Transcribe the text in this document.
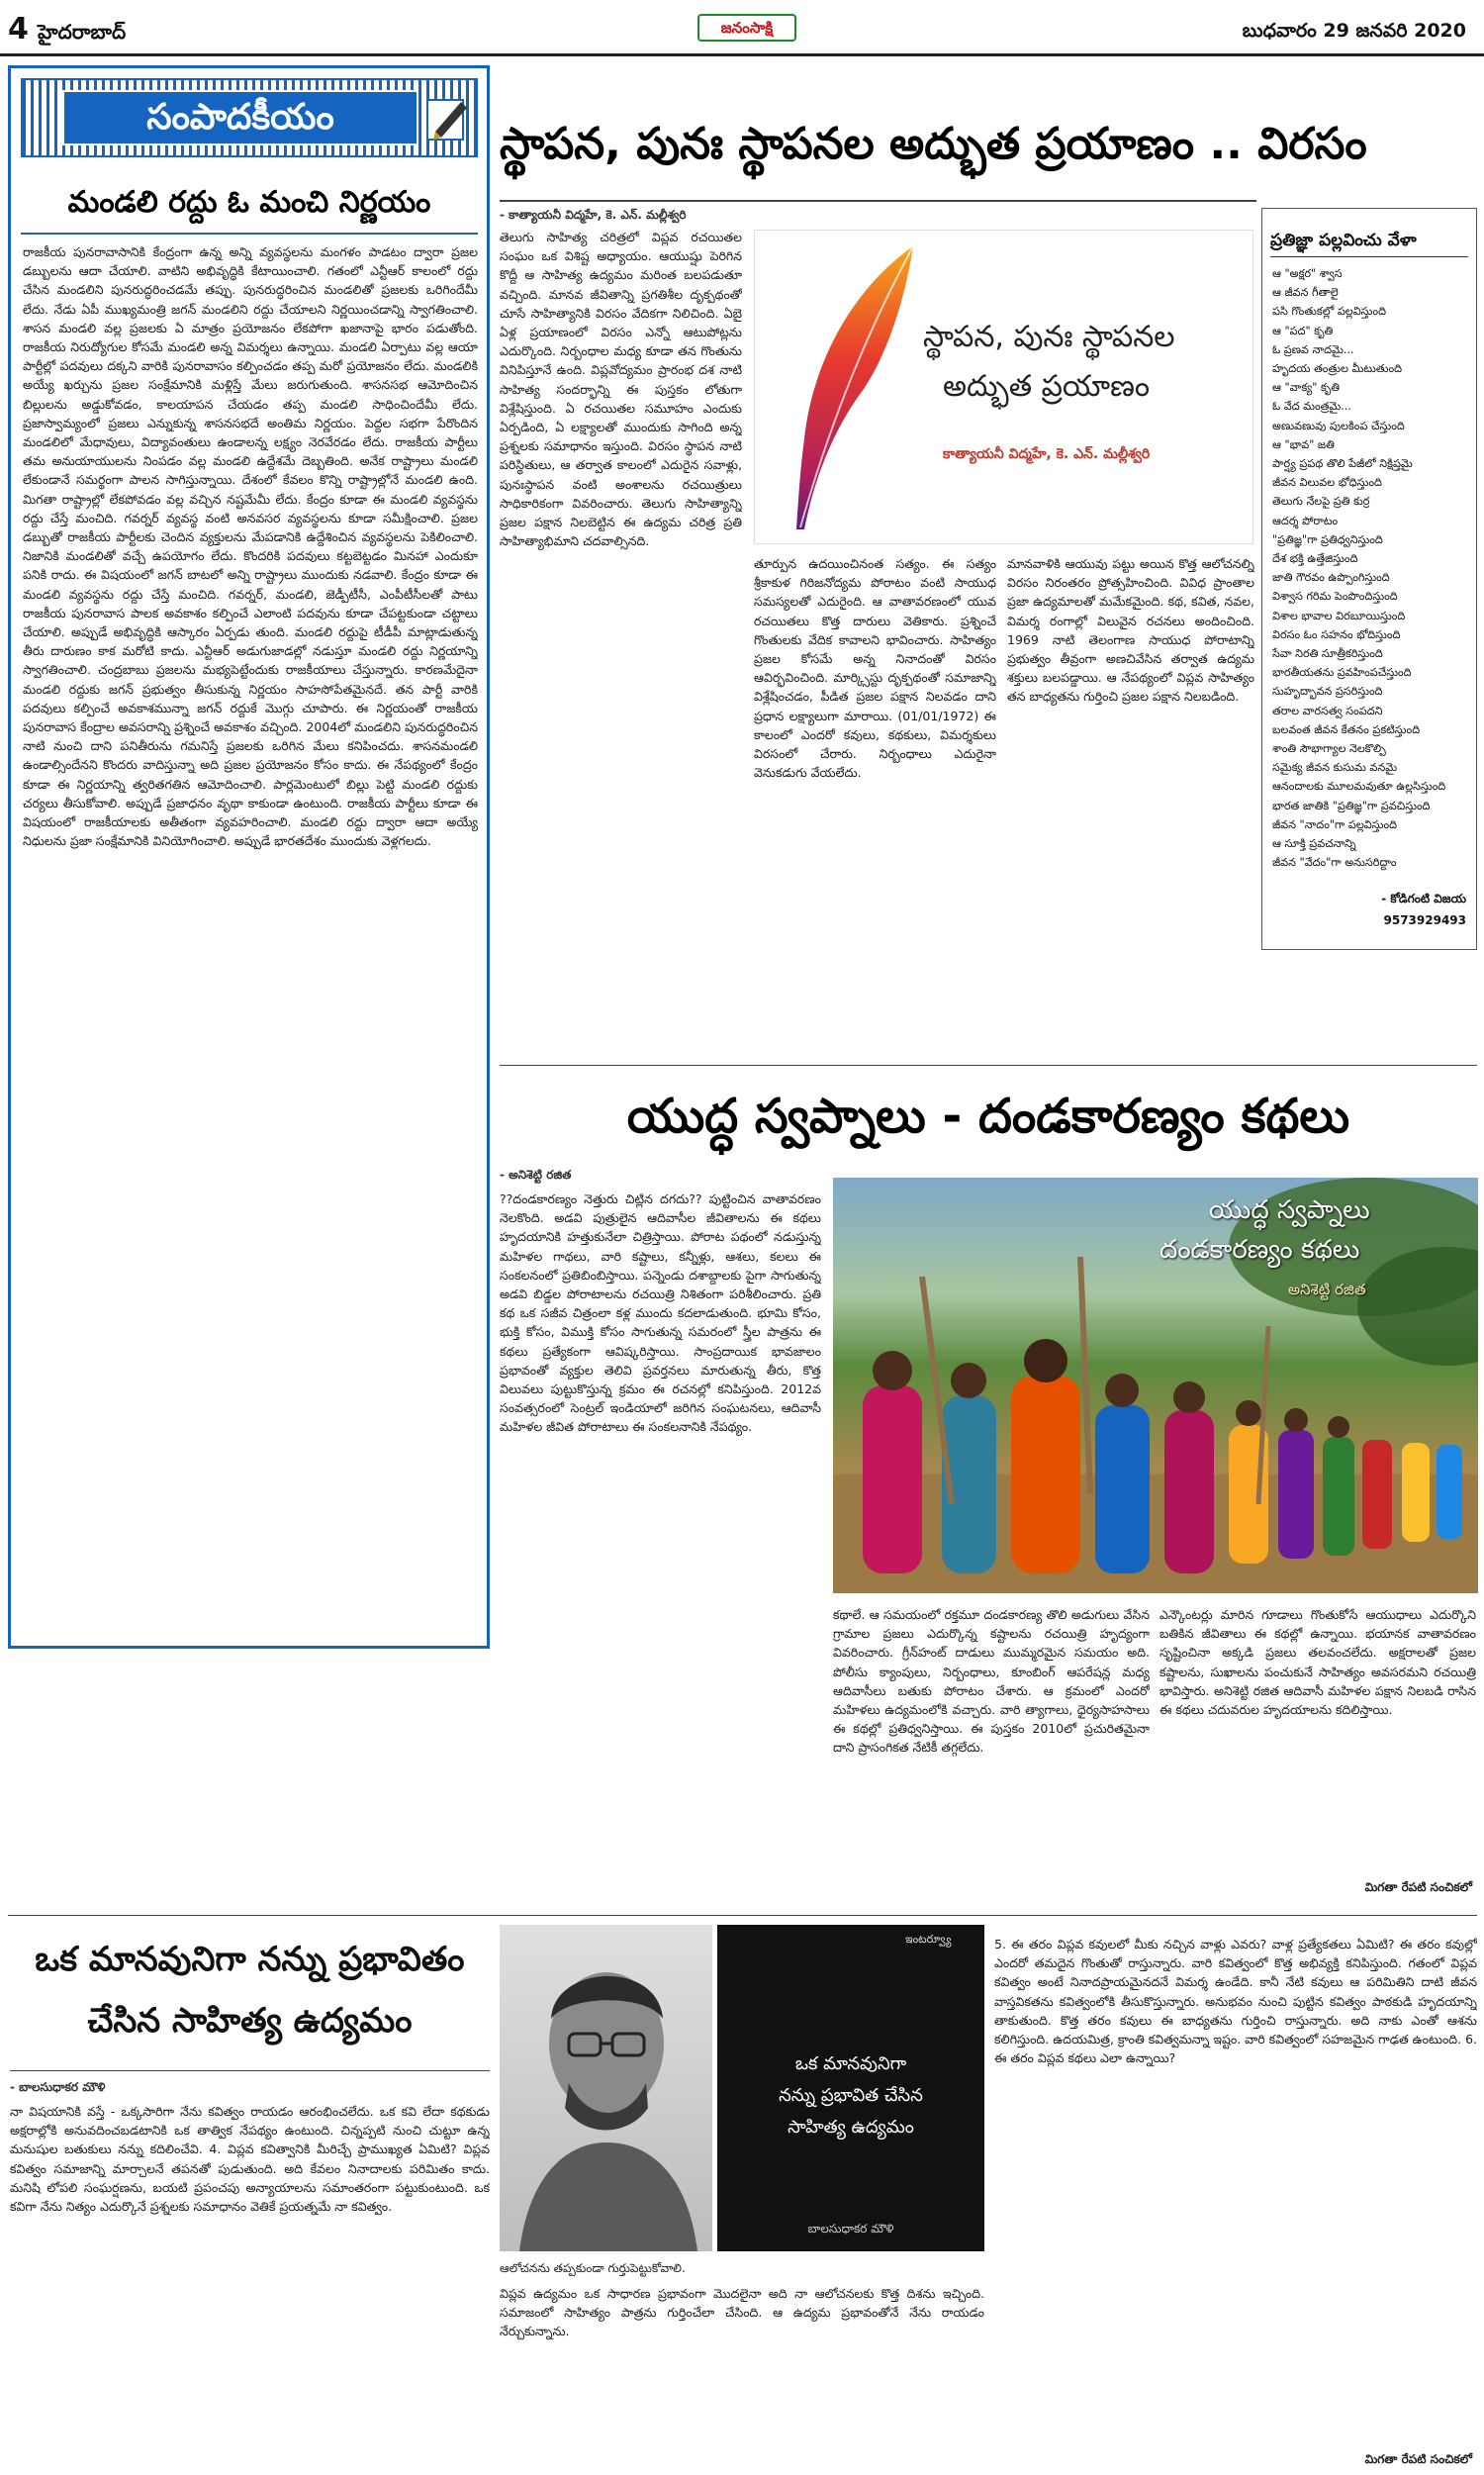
4 హైదరాబాద్	జనంసాక్షి	బుధవారం 29 జనవరి 2020
సంపాదకీయం
మండలి రద్దు ఓ మంచి నిర్ణయం
రాజకీయ పునరావాసానికి కేంద్రంగా ఉన్న అన్ని వ్యవస్థలను మంగళం పాడటం ద్వారా ప్రజల డబ్బులను ఆదా చేయాలి. వాటిని అభివృద్ధికి కేటాయించాలి. గతంలో ఎన్టీఆర్‌ కాలంలో రద్దు చేసిన మండలిని పునరుద్ధరించడమే తప్పు. పునరుద్ధరించిన మండలితో ప్రజలకు ఒరిగిందేమీ లేదు. నేడు ఏపీ ముఖ్యమంత్రి జగన్‌ మండలిని రద్దు చేయాలని నిర్ణయించడాన్ని స్వాగతించాలి. శాసన మండలి వల్ల ప్రజలకు ఏ మాత్రం ప్రయోజనం లేకపోగా ఖజానాపై భారం పడుతోంది. రాజకీయ నిరుద్యోగుల కోసమే మండలి అన్న విమర్శలు ఉన్నాయి. మండలి ఏర్పాటు వల్ల ఆయా పార్టీల్లో పదవులు దక్కని వారికి పునరావాసం కల్పించడం తప్ప మరో ప్రయోజనం లేదు. మండలికి అయ్యే ఖర్చును ప్రజల సంక్షేమానికి మళ్లిస్తే మేలు జరుగుతుంది. శాసనసభ ఆమోదించిన బిల్లులను అడ్డుకోవడం, కాలయాపన చేయడం తప్ప మండలి సాధించిందేమీ లేదు. ప్రజాస్వామ్యంలో ప్రజలు ఎన్నుకున్న శాసనసభదే అంతిమ నిర్ణయం. పెద్దల సభగా పేరొందిన మండలిలో మేధావులు, విద్యావంతులు ఉండాలన్న లక్ష్యం నెరవేరడం లేదు. రాజకీయ పార్టీలు తమ అనుయాయులను నింపడం వల్ల మండలి ఉద్దేశమే దెబ్బతింది. అనేక రాష్ట్రాలు మండలి లేకుండానే సమర్థంగా పాలన సాగిస్తున్నాయి. దేశంలో కేవలం కొన్ని రాష్ట్రాల్లోనే మండలి ఉంది. మిగతా రాష్ట్రాల్లో లేకపోవడం వల్ల వచ్చిన నష్టమేమీ లేదు. కేంద్రం కూడా ఈ మండలి వ్యవస్థను రద్దు చేస్తే మంచిది. గవర్నర్‌ వ్యవస్థ వంటి అనవసర వ్యవస్థలను కూడా సమీక్షించాలి. ప్రజల డబ్బుతో రాజకీయ పార్టీలకు చెందిన వ్యక్తులను మేపడానికి ఉద్దేశించిన వ్యవస్థలను పెకిలించాలి. నిజానికి మండలితో వచ్చే ఉపయోగం లేదు. కొందరికి పదవులు కట్టబెట్టడం మినహా ఎందుకూ పనికి రాదు. ఈ విషయంలో జగన్‌ బాటలో అన్ని రాష్ట్రాలు ముందుకు నడవాలి. కేంద్రం కూడా ఈ మండలి వ్యవస్థను రద్దు చేస్తే మంచిది. గవర్నర్‌, మండలి, జెడ్పీటీసీ, ఎంపీటీసీలతో పాటు రాజకీయ పునరావాస పాలక అవకాశం కల్పించే ఎలాంటి పదవును కూడా చేపట్టకుండా చట్టాలు చేయాలి. అప్పుడే అభివృద్ధికి ఆస్కారం ఏర్పడు తుంది. మండలి రద్దుపై టీడీపీ మాట్లాడుతున్న తీరు దారుణం కాక మరోటి కాదు. ఎన్టీఆర్‌ అడుగుజాడల్లో నడుస్తూ మండలి రద్దు నిర్ణయాన్ని స్వాగతించాలి. చంద్రబాబు ప్రజలను మభ్యపెట్టేందుకు రాజకీయాలు చేస్తున్నారు. కారణమేదైనా మండలి రద్దుకు జగన్‌ ప్రభుత్వం తీసుకున్న నిర్ణయం సాహసోపేతమైనదే. తన పార్టీ వారికి పదవులు కల్పించే అవకాశమున్నా జగన్‌ రద్దుకే మొగ్గు చూపారు. ఈ నిర్ణయంతో రాజకీయ పునరావాస కేంద్రాల అవసరాన్ని ప్రశ్నించే అవకాశం వచ్చింది. 2004లో మండలిని పునరుద్ధరించిన నాటి నుంచి దాని పనితీరును గమనిస్తే ప్రజలకు ఒరిగిన మేలు కనిపించదు. శాసనమండలి ఉండాల్సిందేనని కొందరు వాదిస్తున్నా అది ప్రజల ప్రయోజనం కోసం కాదు. ఈ నేపథ్యంలో కేంద్రం కూడా ఈ నిర్ణయాన్ని త్వరితగతిన ఆమోదించాలి. పార్లమెంటులో బిల్లు పెట్టి మండలి రద్దుకు చర్యలు తీసుకోవాలి. అప్పుడే ప్రజాధనం వృథా కాకుండా ఉంటుంది. రాజకీయ పార్టీలు కూడా ఈ విషయంలో రాజకీయాలకు అతీతంగా వ్యవహరించాలి. మండలి రద్దు ద్వారా ఆదా అయ్యే నిధులను ప్రజా సంక్షేమానికి వినియోగించాలి. అప్పుడే భారతదేశం ముందుకు వెళ్లగలదు.
స్థాపన, పునః స్థాపనల అద్భుత ప్రయాణం .. విరసం
- కాత్యాయనీ విద్మహే, కె. ఎన్. మల్లీశ్వరి
తెలుగు సాహిత్య చరిత్రలో విప్లవ రచయితల సంఘం ఒక విశిష్ట అధ్యాయం. ఆయుష్షు పెరిగిన కొద్దీ ఆ సాహిత్య ఉద్యమం మరింత బలపడుతూ వచ్చింది. మానవ జీవితాన్ని ప్రగతిశీల దృక్పథంతో చూసే సాహిత్యానికి విరసం వేదికగా నిలిచింది. ఏబై ఏళ్ల ప్రయాణంలో విరసం ఎన్నో ఆటుపోట్లను ఎదుర్కొంది. నిర్బంధాల మధ్య కూడా తన గొంతును వినిపిస్తూనే ఉంది. విప్లవోద్యమం ప్రారంభ దశ నాటి సాహిత్య సందర్భాన్ని ఈ పుస్తకం లోతుగా విశ్లేషిస్తుంది. ఏ రచయితల సమూహం ఎందుకు ఏర్పడింది, ఏ లక్ష్యాలతో ముందుకు సాగింది అన్న ప్రశ్నలకు సమాధానం ఇస్తుంది. విరసం స్థాపన నాటి పరిస్థితులు, ఆ తర్వాత కాలంలో ఎదురైన సవాళ్లు, పునఃస్థాపన వంటి అంశాలను రచయిత్రులు సాధికారికంగా వివరించారు. తెలుగు సాహిత్యాన్ని ప్రజల పక్షాన నిలబెట్టిన ఈ ఉద్యమ చరిత్ర ప్రతి సాహిత్యాభిమాని చదవాల్సినది.
స్థాపన, పునః స్థాపనల
అద్భుత ప్రయాణం
కాత్యాయనీ విద్మహే, కె. ఎన్. మల్లీశ్వరి
తూర్పున ఉదయించినంత సత్యం. ఈ సత్యం శ్రీకాకుళ గిరిజనోద్యమ పోరాటం వంటి సాయుధ సమస్యలతో ఎదురైంది. ఆ వాతావరణంలో యువ రచయితలు కొత్త దారులు వెతికారు. ప్రశ్నించే గొంతులకు వేదిక కావాలని భావించారు. సాహిత్యం ప్రజల కోసమే అన్న నినాదంతో విరసం ఆవిర్భవించింది. మార్క్సిస్టు దృక్పథంతో సమాజాన్ని విశ్లేషించడం, పీడిత ప్రజల పక్షాన నిలవడం దాని ప్రధాన లక్ష్యాలుగా మారాయి. (01/01/1972) ఈ కాలంలో ఎందరో కవులు, కథకులు, విమర్శకులు విరసంలో చేరారు. నిర్బంధాలు ఎదురైనా వెనుకడుగు వేయలేదు.
మానవాళికి ఆయువు పట్టు అయిన కొత్త ఆలోచనల్ని విరసం నిరంతరం ప్రోత్సహించింది. వివిధ ప్రాంతాల ప్రజా ఉద్యమాలతో మమేకమైంది. కథ, కవిత, నవల, విమర్శ రంగాల్లో విలువైన రచనలు అందించింది. 1969 నాటి తెలంగాణ సాయుధ పోరాటాన్ని ప్రభుత్వం తీవ్రంగా అణచివేసిన తర్వాత ఉద్యమ శక్తులు బలపడ్డాయి. ఆ నేపథ్యంలో విప్లవ సాహిత్యం తన బాధ్యతను గుర్తించి ప్రజల పక్షాన నిలబడింది.
ప్రతిజ్ఞా పల్లవించు వేళా
ఆ "అక్షర" శ్వాస
ఆ జీవన గీతాలై
పసి గొంతుకల్లో పల్లవిస్తుంది
ఆ "పద" కృతి
ఓ ప్రణవ నాదమై...
హృదయ తంత్రుల మీటుతుంది
ఆ "వాక్య" కృతి
ఓ వేద మంత్రమై...
అణువణువు పులకింప చేస్తుంది
ఆ "భావ" జతి
పార్ష్య ప్రపథ తొలి పేజీలో నిక్షిప్తమై
జీవన విలువల భోధిస్తుంది
తెలుగు నేలపై ప్రతి కుర్ర
ఆదర్శ పోరాటం
"ప్రతిజ్ఞ"గా ప్రతిధ్వనిస్తుంది
దేశ భక్తి ఉత్తేజిస్తుంది
జాతి గౌరవం ఉప్పొంగిస్తుంది
విశ్వాస గరిమ పెంపొందిస్తుంది
విశాల భావాల విరబూయిస్తుంది
విరసం ఓం సహనం భోదిస్తుంది
సేవా నిరతి సూత్రీకరిస్తుంది
భారతీయతను ప్రవహింపచేస్తుంది
సుహృద్భావన ప్రసరిస్తుంది
తరాల వారసత్వ సంపదని
బలవంత జీవన కేతనం ప్రకటిస్తుంది
శాంతి సౌభాగ్యాల నెలకొల్పి
సమైక్య జీవన కుసుమ వనమై
ఆనందాలకు మూలమవుతూ ఉల్లసిస్తుంది
భారత జాతికి "ప్రతిజ్ఞ"గా ప్రవచిస్తుంది
జీవన "నాదం"గా పల్లవిస్తుంది
ఆ సూక్తి ప్రవచనాన్ని
జీవన "వేదం"గా అనుసరిద్దాం
- కోడిగంటి విజయ
9573929493
యుద్ధ స్వప్నాలు - దండకారణ్యం కథలు
- అనిశెట్టి రజిత
??దండకారణ్యం నెత్తురు చిట్లిన దగదు?? పుట్టించిన వాతావరణం నెలకొంది. అడవి పుత్రులైన ఆదివాసీల జీవితాలను ఈ కథలు హృదయానికి హత్తుకునేలా చిత్రిస్తాయి. పోరాట పథంలో నడుస్తున్న మహిళల గాథలు, వారి కష్టాలు, కన్నీళ్లు, ఆశలు, కలలు ఈ సంకలనంలో ప్రతిబింబిస్తాయి. పన్నెండు దశాబ్దాలకు పైగా సాగుతున్న అడవి బిడ్డల పోరాటాలను రచయిత్రి నిశితంగా పరిశీలించారు. ప్రతి కథ ఒక సజీవ చిత్రంలా కళ్ల ముందు కదలాడుతుంది. భూమి కోసం, భుక్తి కోసం, విముక్తి కోసం సాగుతున్న సమరంలో స్త్రీల పాత్రను ఈ కథలు ప్రత్యేకంగా ఆవిష్కరిస్తాయి. సాంప్రదాయిక భావజాలం ప్రభావంతో వ్యక్తుల తెలివి ప్రవర్తనలు మారుతున్న తీరు, కొత్త విలువలు పుట్టుకొస్తున్న క్రమం ఈ రచనల్లో కనిపిస్తుంది. 2012వ సంవత్సరంలో సెంట్రల్‌ ఇండియాలో జరిగిన సంఘటనలు, ఆదివాసీ మహిళల జీవిత పోరాటాలు ఈ సంకలనానికి నేపథ్యం.
యుద్ధ స్వప్నాలు
దండకారణ్యం కథలు
అనిశెట్టి రజిత
కథాలే. ఆ సమయంలో రక్తమూ దండకారణ్య తొలి అడుగులు వేసిన గ్రామాల ప్రజలు ఎదుర్కొన్న కష్టాలను రచయిత్రి హృద్యంగా వివరించారు. గ్రీన్‌హంట్‌ దాడులు ముమ్మరమైన సమయం అది. పోలీసు క్యాంపులు, నిర్బంధాలు, కూంబింగ్‌ ఆపరేషన్ల మధ్య ఆదివాసీలు బతుకు పోరాటం చేశారు. ఆ క్రమంలో ఎందరో మహిళలు ఉద్యమంలోకి వచ్చారు. వారి త్యాగాలు, ధైర్యసాహసాలు ఈ కథల్లో ప్రతిధ్వనిస్తాయి. ఈ పుస్తకం 2010లో ప్రచురితమైనా దాని ప్రాసంగికత నేటికీ తగ్గలేదు.
ఎన్కౌంటర్లు మారిన గూడాలు గొంతుకోసే ఆయుధాలు ఎదుర్కొని బతికిన జీవితాలు ఈ కథల్లో ఉన్నాయి. భయానక వాతావరణం సృష్టించినా అక్కడి ప్రజలు తలవంచలేదు. అక్షరాలతో ప్రజల కష్టాలను, సుఖాలను పంచుకునే సాహిత్యం అవసరమని రచయిత్రి భావిస్తారు. అనిశెట్టి రజిత ఆదివాసీ మహిళల పక్షాన నిలబడి రాసిన ఈ కథలు చదువరుల హృదయాలను కదిలిస్తాయి.
మిగతా రేపటి సంచికలో
ఒక మానవునిగా నన్ను ప్రభావితం
చేసిన సాహిత్య ఉద్యమం
- బాలసుధాకర మౌళి
నా విషయానికి వస్తే - ఒక్కసారిగా నేను కవిత్వం రాయడం ఆరంభించలేదు. ఒక కవి లేదా కథకుడు అక్షరాల్లోకి అనువదించబడటానికి ఒక తాత్విక నేపథ్యం ఉంటుంది. చిన్నప్పటి నుంచి చుట్టూ ఉన్న మనుషుల బతుకులు నన్ను కదిలించేవి. 4. విప్లవ కవిత్వానికి మీరిచ్చే ప్రాముఖ్యత ఏమిటి? విప్లవ కవిత్వం సమాజాన్ని మార్చాలనే తపనతో పుడుతుంది. అది కేవలం నినాదాలకు పరిమితం కాదు. మనిషి లోపలి సంఘర్షణను, బయటి ప్రపంచపు అన్యాయాలను సమాంతరంగా పట్టుకుంటుంది. ఒక కవిగా నేను నిత్యం ఎదుర్కొనే ప్రశ్నలకు సమాధానం వెతికే ప్రయత్నమే నా కవిత్వం.
ఇంటర్వ్యూ
ఒక మానవునిగా
నన్ను ప్రభావిత చేసిన
సాహిత్య ఉద్యమం
బాలసుధాకర మౌళి
ఆలోచనను తప్పకుండా గుర్తుపెట్టుకోవాలి.
విప్లవ ఉద్యమం ఒక సాధారణ ప్రభావంగా మొదలైనా అది నా ఆలోచనలకు కొత్త దిశను ఇచ్చింది. సమాజంలో సాహిత్యం పాత్రను గుర్తించేలా చేసింది. ఆ ఉద్యమ ప్రభావంతోనే నేను రాయడం నేర్చుకున్నాను.
5. ఈ తరం విప్లవ కవులలో మీకు నచ్చిన వాళ్లు ఎవరు? వాళ్ల ప్రత్యేకతలు ఏమిటి? ఈ తరం కవుల్లో ఎందరో తమదైన గొంతుతో రాస్తున్నారు. వారి కవిత్వంలో కొత్త అభివ్యక్తి కనిపిస్తుంది. గతంలో విప్లవ కవిత్వం అంటే నినాదప్రాయమైనదనే విమర్శ ఉండేది. కానీ నేటి కవులు ఆ పరిమితిని దాటి జీవన వాస్తవికతను కవిత్వంలోకి తీసుకొస్తున్నారు. అనుభవం నుంచి పుట్టిన కవిత్వం పాఠకుడి హృదయాన్ని తాకుతుంది. కొత్త తరం కవులు ఈ బాధ్యతను గుర్తించి రాస్తున్నారు. అది నాకు ఎంతో ఆశను కలిగిస్తుంది. ఉదయమిత్ర, క్రాంతి కవిత్వమన్నా ఇష్టం. వారి కవిత్వంలో సహజమైన గాఢత ఉంటుంది. 6. ఈ తరం విప్లవ కథలు ఎలా ఉన్నాయి?
మిగతా రేపటి సంచికలో
